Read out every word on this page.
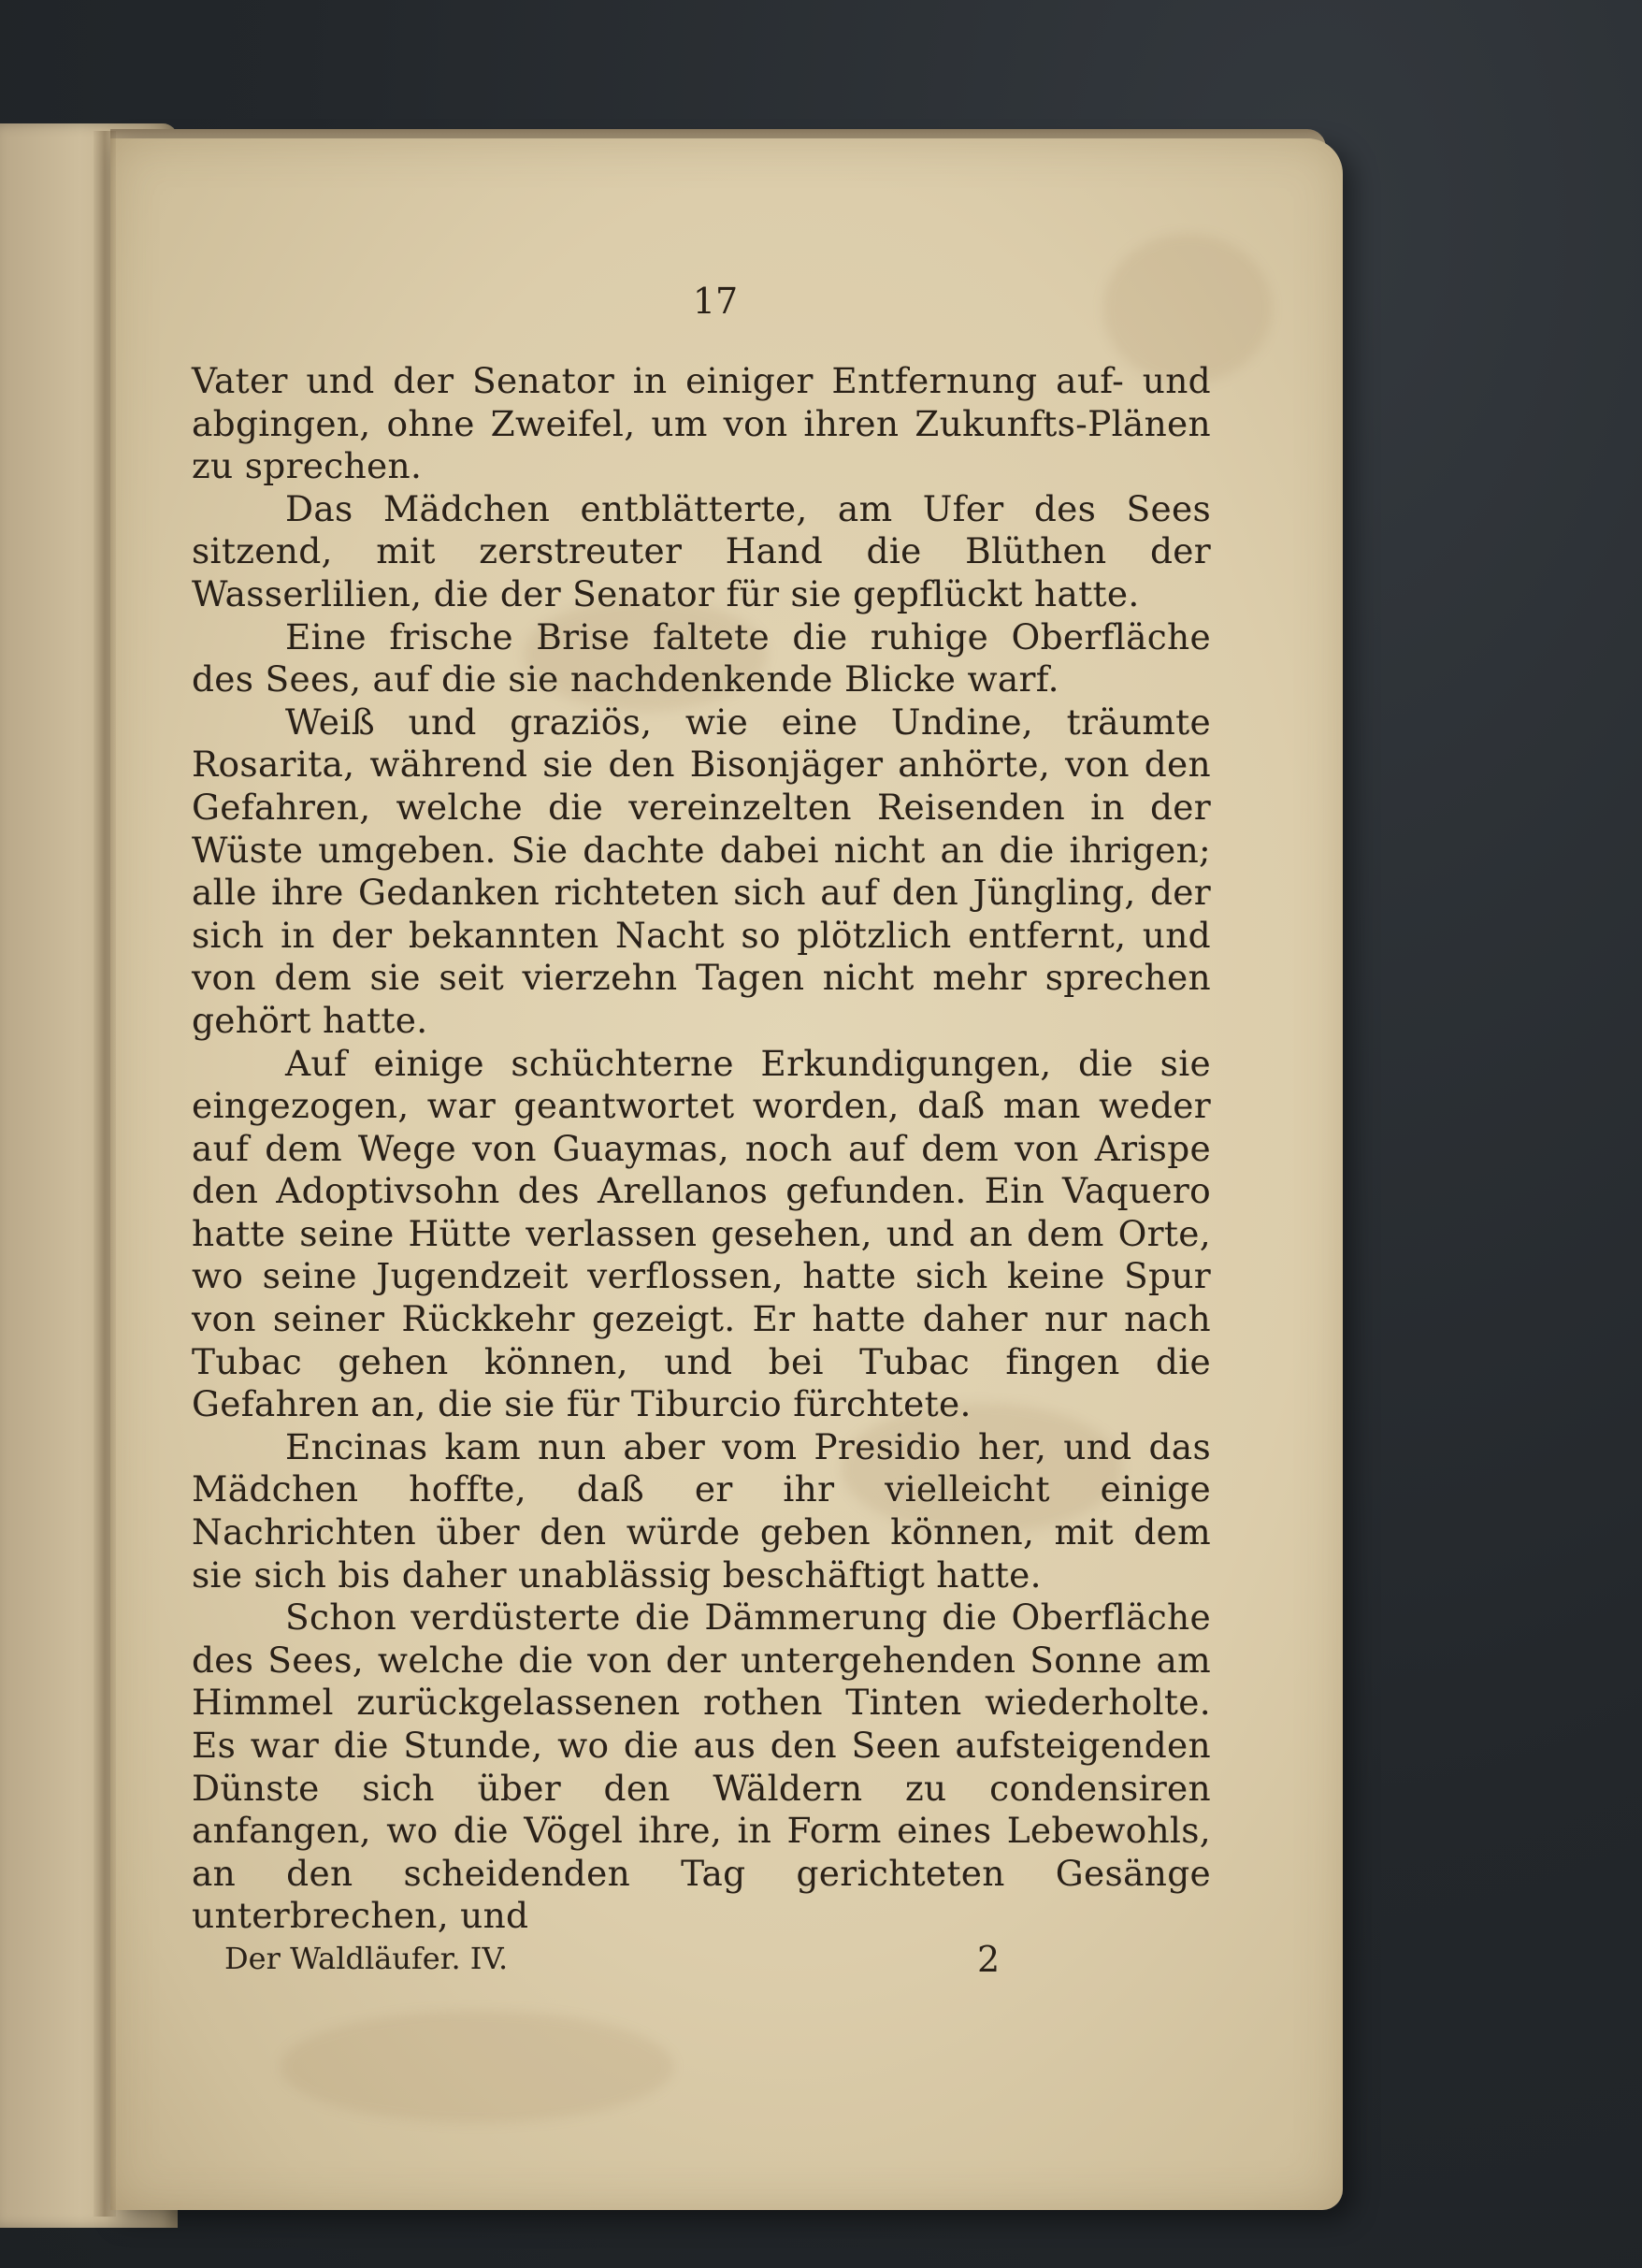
17

Vater und der Senator in einiger Entfernung auf- und abgingen, ohne Zweifel, um von ihren Zukunfts-Plänen zu sprechen.

Das Mädchen entblätterte, am Ufer des Sees sitzend, mit zerstreuter Hand die Blüthen der Wasserlilien, die der Senator für sie gepflückt hatte.

Eine frische Brise faltete die ruhige Oberfläche des Sees, auf die sie nachdenkende Blicke warf.

Weiß und graziös, wie eine Undine, träumte Rosarita, während sie den Bisonjäger anhörte, von den Gefahren, welche die vereinzelten Reisenden in der Wüste umgeben. Sie dachte dabei nicht an die ihrigen; alle ihre Gedanken richteten sich auf den Jüngling, der sich in der bekannten Nacht so plötzlich entfernt, und von dem sie seit vierzehn Tagen nicht mehr sprechen gehört hatte.

Auf einige schüchterne Erkundigungen, die sie eingezogen, war geantwortet worden, daß man weder auf dem Wege von Guaymas, noch auf dem von Arispe den Adoptivsohn des Arellanos gefunden. Ein Vaquero hatte seine Hütte verlassen gesehen, und an dem Orte, wo seine Jugendzeit verflossen, hatte sich keine Spur von seiner Rückkehr gezeigt. Er hatte daher nur nach Tubac gehen können, und bei Tubac fingen die Gefahren an, die sie für Tiburcio fürchtete.

Encinas kam nun aber vom Presidio her, und das Mädchen hoffte, daß er ihr vielleicht einige Nachrichten über den würde geben können, mit dem sie sich bis daher unablässig beschäftigt hatte.

Schon verdüsterte die Dämmerung die Oberfläche des Sees, welche die von der untergehenden Sonne am Himmel zurückgelassenen rothen Tinten wiederholte. Es war die Stunde, wo die aus den Seen aufsteigenden Dünste sich über den Wäldern zu condensiren anfangen, wo die Vögel ihre, in Form eines Lebewohls, an den scheidenden Tag gerichteten Gesänge unterbrechen, und

Der Waldläufer. IV.	2
